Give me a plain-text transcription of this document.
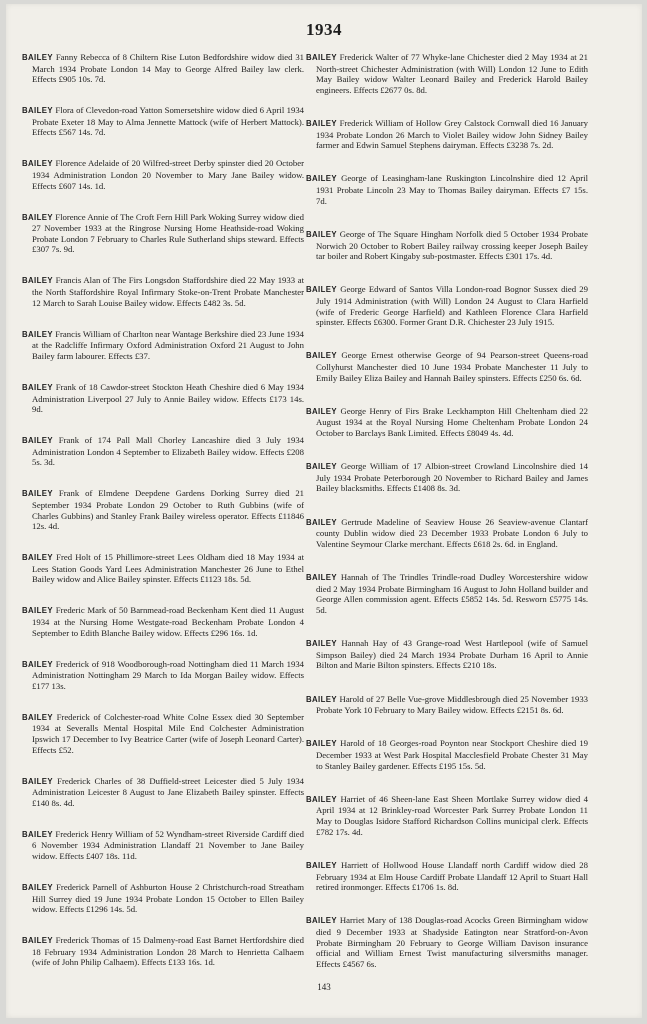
1934
BAILEY Fanny Rebecca of 8 Chiltern Rise Luton Bedfordshire widow died 31 March 1934 Probate London 14 May to George Alfred Bailey law clerk. Effects £905 10s. 7d.
BAILEY Flora of Clevedon-road Yatton Somersetshire widow died 6 April 1934 Probate Exeter 18 May to Alma Jennette Mattock (wife of Herbert Mattock). Effects £567 14s. 7d.
BAILEY Florence Adelaide of 20 Wilfred-street Derby spinster died 20 October 1934 Administration London 20 November to Mary Jane Bailey widow. Effects £607 14s. 1d.
BAILEY Florence Annie of The Croft Fern Hill Park Woking Surrey widow died 27 November 1933 at the Ringrose Nursing Home Heathside-road Woking Probate London 7 February to Charles Rule Sutherland ships steward. Effects £307 7s. 9d.
BAILEY Francis Alan of The Firs Longsdon Staffordshire died 22 May 1933 at the North Staffordshire Royal Infirmary Stoke-on-Trent Probate Manchester 12 March to Sarah Louise Bailey widow. Effects £482 3s. 5d.
BAILEY Francis William of Charlton near Wantage Berkshire died 23 June 1934 at the Radcliffe Infirmary Oxford Administration Oxford 21 August to John Bailey farm labourer. Effects £37.
BAILEY Frank of 18 Cawdor-street Stockton Heath Cheshire died 6 May 1934 Administration Liverpool 27 July to Annie Bailey widow. Effects £173 14s. 9d.
BAILEY Frank of 174 Pall Mall Chorley Lancashire died 3 July 1934 Administration London 4 September to Elizabeth Bailey widow. Effects £208 5s. 3d.
BAILEY Frank of Elmdene Deepdene Gardens Dorking Surrey died 21 September 1934 Probate London 29 October to Ruth Gubbins (wife of Charles Gubbins) and Stanley Frank Bailey wireless operator. Effects £11846 12s. 4d.
BAILEY Fred Holt of 15 Phillimore-street Lees Oldham died 18 May 1934 at Lees Station Goods Yard Lees Administration Manchester 26 June to Ethel Bailey widow and Alice Bailey spinster. Effects £1123 18s. 5d.
BAILEY Frederic Mark of 50 Barnmead-road Beckenham Kent died 11 August 1934 at the Nursing Home Westgate-road Beckenham Probate London 4 September to Edith Blanche Bailey widow. Effects £296 16s. 1d.
BAILEY Frederick of 918 Woodborough-road Nottingham died 11 March 1934 Administration Nottingham 29 March to Ida Morgan Bailey widow. Effects £177 13s.
BAILEY Frederick of Colchester-road White Colne Essex died 30 September 1934 at Severalls Mental Hospital Mile End Colchester Administration Ipswich 17 December to Ivy Beatrice Carter (wife of Joseph Leonard Carter). Effects £52.
BAILEY Frederick Charles of 38 Duffield-street Leicester died 5 July 1934 Administration Leicester 8 August to Jane Elizabeth Bailey spinster. Effects £140 8s. 4d.
BAILEY Frederick Henry William of 52 Wyndham-street Riverside Cardiff died 6 November 1934 Administration Llandaff 21 November to Jane Bailey widow. Effects £407 18s. 11d.
BAILEY Frederick Parnell of Ashburton House 2 Christchurch-road Streatham Hill Surrey died 19 June 1934 Probate London 15 October to Ellen Bailey widow. Effects £1296 14s. 5d.
BAILEY Frederick Thomas of 15 Dalmeny-road East Barnet Hertfordshire died 18 February 1934 Administration London 28 March to Henrietta Calhaem (wife of John Philip Calhaem). Effects £133 16s. 1d.
BAILEY Frederick Walter of 77 Whyke-lane Chichester died 2 May 1934 at 21 North-street Chichester Administration (with Will) London 12 June to Edith May Bailey widow Walter Leonard Bailey and Frederick Harold Bailey engineers. Effects £2677 0s. 8d.
BAILEY Frederick William of Hollow Grey Calstock Cornwall died 16 January 1934 Probate London 26 March to Violet Bailey widow John Sidney Bailey farmer and Edwin Samuel Stephens dairyman. Effects £3238 7s. 2d.
BAILEY George of Leasingham-lane Ruskington Lincolnshire died 12 April 1931 Probate Lincoln 23 May to Thomas Bailey dairyman. Effects £7 15s. 7d.
BAILEY George of The Square Hingham Norfolk died 5 October 1934 Probate Norwich 20 October to Robert Bailey railway crossing keeper Joseph Bailey tar boiler and Robert Kingaby sub-postmaster. Effects £301 17s. 4d.
BAILEY George Edward of Santos Villa London-road Bognor Sussex died 29 July 1914 Administration (with Will) London 24 August to Clara Harfield (wife of Frederic George Harfield) and Kathleen Florence Clara Harfield spinster. Effects £6300. Former Grant D.R. Chichester 23 July 1915.
BAILEY George Ernest otherwise George of 94 Pearson-street Queens-road Collyhurst Manchester died 10 June 1934 Probate Manchester 11 July to Emily Bailey Eliza Bailey and Hannah Bailey spinsters. Effects £250 6s. 6d.
BAILEY George Henry of Firs Brake Leckhampton Hill Cheltenham died 22 August 1934 at the Royal Nursing Home Cheltenham Probate London 24 October to Barclays Bank Limited. Effects £8049 4s. 4d.
BAILEY George William of 17 Albion-street Crowland Lincolnshire died 14 July 1934 Probate Peterborough 20 November to Richard Bailey and James Bailey blacksmiths. Effects £1408 8s. 3d.
BAILEY Gertrude Madeline of Seaview House 26 Seaview-avenue Clantarf county Dublin widow died 23 December 1933 Probate London 6 July to Valentine Seymour Clarke merchant. Effects £618 2s. 6d. in England.
BAILEY Hannah of The Trindles Trindle-road Dudley Worcestershire widow died 2 May 1934 Probate Birmingham 16 August to John Holland builder and George Allen commission agent. Effects £5852 14s. 5d. Resworn £5775 14s. 5d.
BAILEY Hannah Hay of 43 Grange-road West Hartlepool (wife of Samuel Simpson Bailey) died 24 March 1934 Probate Durham 16 April to Annie Bilton and Marie Bilton spinsters. Effects £210 18s.
BAILEY Harold of 27 Belle Vue-grove Middlesbrough died 25 November 1933 Probate York 10 February to Mary Bailey widow. Effects £2151 8s. 6d.
BAILEY Harold of 18 Georges-road Poynton near Stockport Cheshire died 19 December 1933 at West Park Hospital Macclesfield Probate Chester 31 May to Stanley Bailey gardener. Effects £195 15s. 5d.
BAILEY Harriet of 46 Sheen-lane East Sheen Mortlake Surrey widow died 4 April 1934 at 12 Brinkley-road Worcester Park Surrey Probate London 11 May to Douglas Isidore Stafford Richardson Collins municipal clerk. Effects £782 17s. 4d.
BAILEY Harriett of Hollwood House Llandaff north Cardiff widow died 28 February 1934 at Elm House Cardiff Probate Llandaff 12 April to Stuart Hall retired ironmonger. Effects £1706 1s. 8d.
BAILEY Harriet Mary of 138 Douglas-road Acocks Green Birmingham widow died 9 December 1933 at Shadyside Eatington near Stratford-on-Avon Probate Birmingham 20 February to George William Davison insurance official and William Ernest Twist manufacturing silversmiths manager. Effects £4567 6s.
143
